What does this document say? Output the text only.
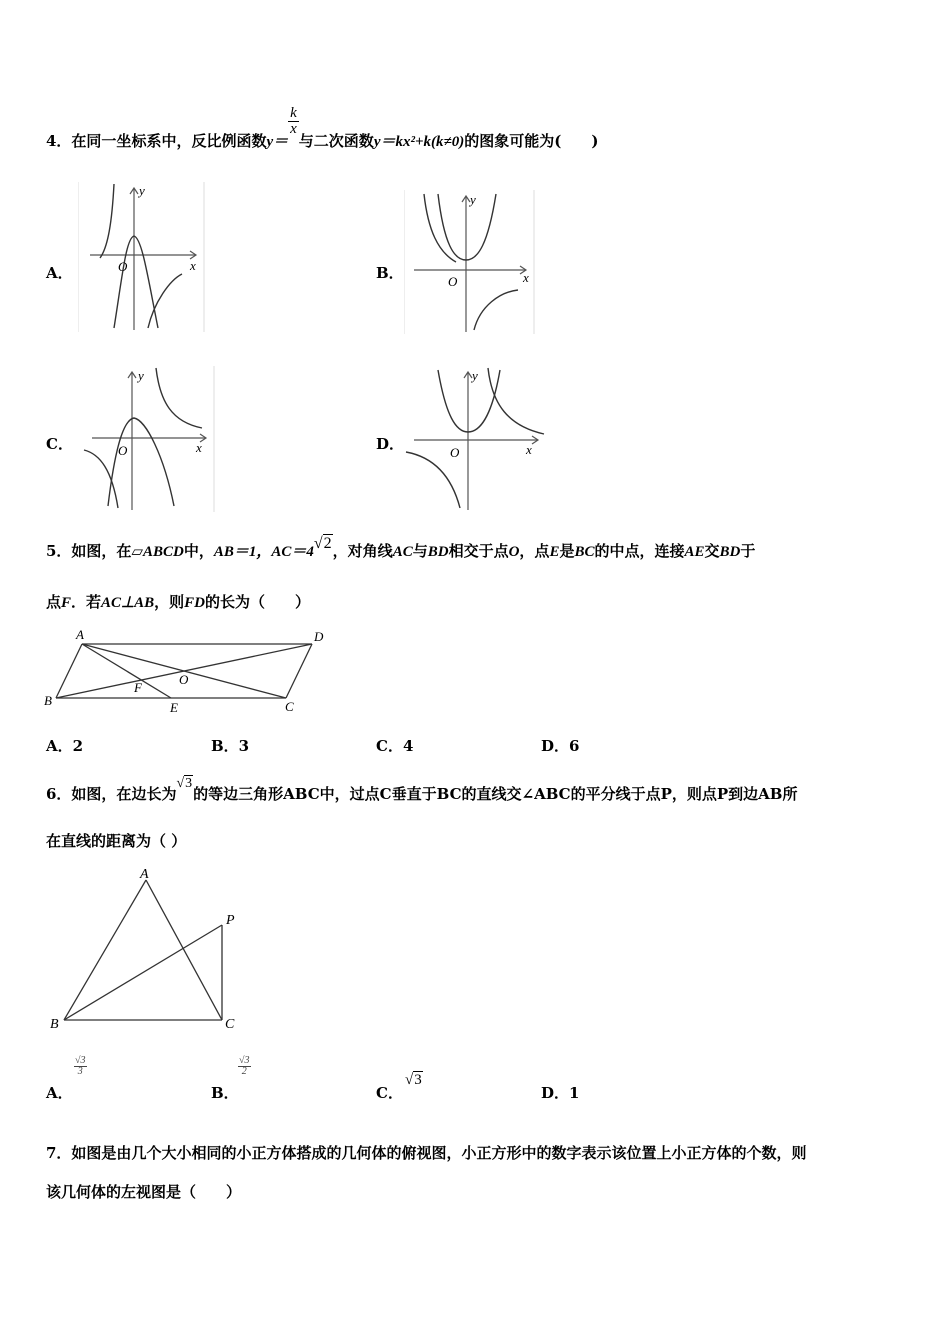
4．在同一坐标系中，反比例函数y＝
$\frac{k}{x}$
与二次函数y＝kx²+k(k≠0)的图象可能为(　　)
A．	x
y
O	B．	x
y
O
C．	x
y
O	D．	x
y
O
5．如图，在▱ABCD中，AB＝1，AC＝4√2，对角线AC与BD相交于点O，点E是BC的中点，连接AE交BD于
点F．若AC⊥AB，则FD的长为（　　）
A	D
B	C
E
F
O
A．2	B．3	C．4	D．6
6．如图，在边长为√3的等边三角形ABC中，过点C垂直于BC的直线交∠ABC的平分线于点P，则点P到边AB所
在直线的距离为（ ）
A
B	C
P
A．
$\frac{√3}{3}$
B．
$\frac{√3}{2}$
C．
√3
D．1
7．如图是由几个大小相同的小正方体搭成的几何体的俯视图，小正方形中的数字表示该位置上小正方体的个数，则
该几何体的左视图是（　　）
